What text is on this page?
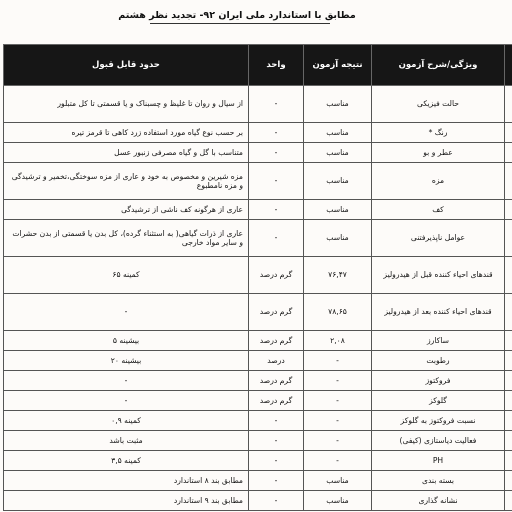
مطابق با استاندارد ملی ایران ۹۲- تجدید نظر هشتم
	ویژگی/شرح آزمون	نتیجه آزمون	واحد	حدود قابل قبول
	حالت فیزیکی	مناسب	-	از سیال و روان تا غلیظ و چسبناک و یا قسمتی تا کل متبلور
	رنگ *	مناسب	-	بر حسب نوع گیاه مورد استفاده زرد کاهی تا قرمز تیره
	عطر و بو	مناسب	-	متناسب با گل و گیاه مصرفی زنبور عسل
	مزه	مناسب	-	مزه شیرین و مخصوص به خود و عاری از مزه سوختگی،تخمیر و ترشیدگی و مزه نامطبوع
	کف	مناسب	-	عاری از هرگونه کف ناشی از ترشیدگی
	عوامل ناپذیرفتنی	مناسب	-	عاری از ذرات گیاهی( به استثناء گرده)، کل بدن یا قسمتی از بدن حشرات و سایر مواد خارجی
	قندهای احیاء کننده قبل از هیدرولیز	۷۶,۴۷	گرم درصد	کمینه ۶۵
	قندهای احیاء کننده بعد از هیدرولیز	۷۸,۶۵	گرم درصد	-
	ساکارز	۲,۰۸	گرم درصد	بیشینه ۵
	رطوبت	-	درصد	بیشینه ۲۰
	فروکتوز	-	گرم درصد	-
	گلوکز	-	گرم درصد	-
	نسبت فروکتوز به گلوکز	-	-	کمینه ۰,۹
	فعالیت دیاستازی (کیفی)	-	-	مثبت باشد
	PH	-	-	کمینه ۳,۵
	بسته بندی	مناسب	-	مطابق بند ۸ استاندارد
	نشانه گذاری	مناسب	-	مطابق بند ۹ استاندارد
